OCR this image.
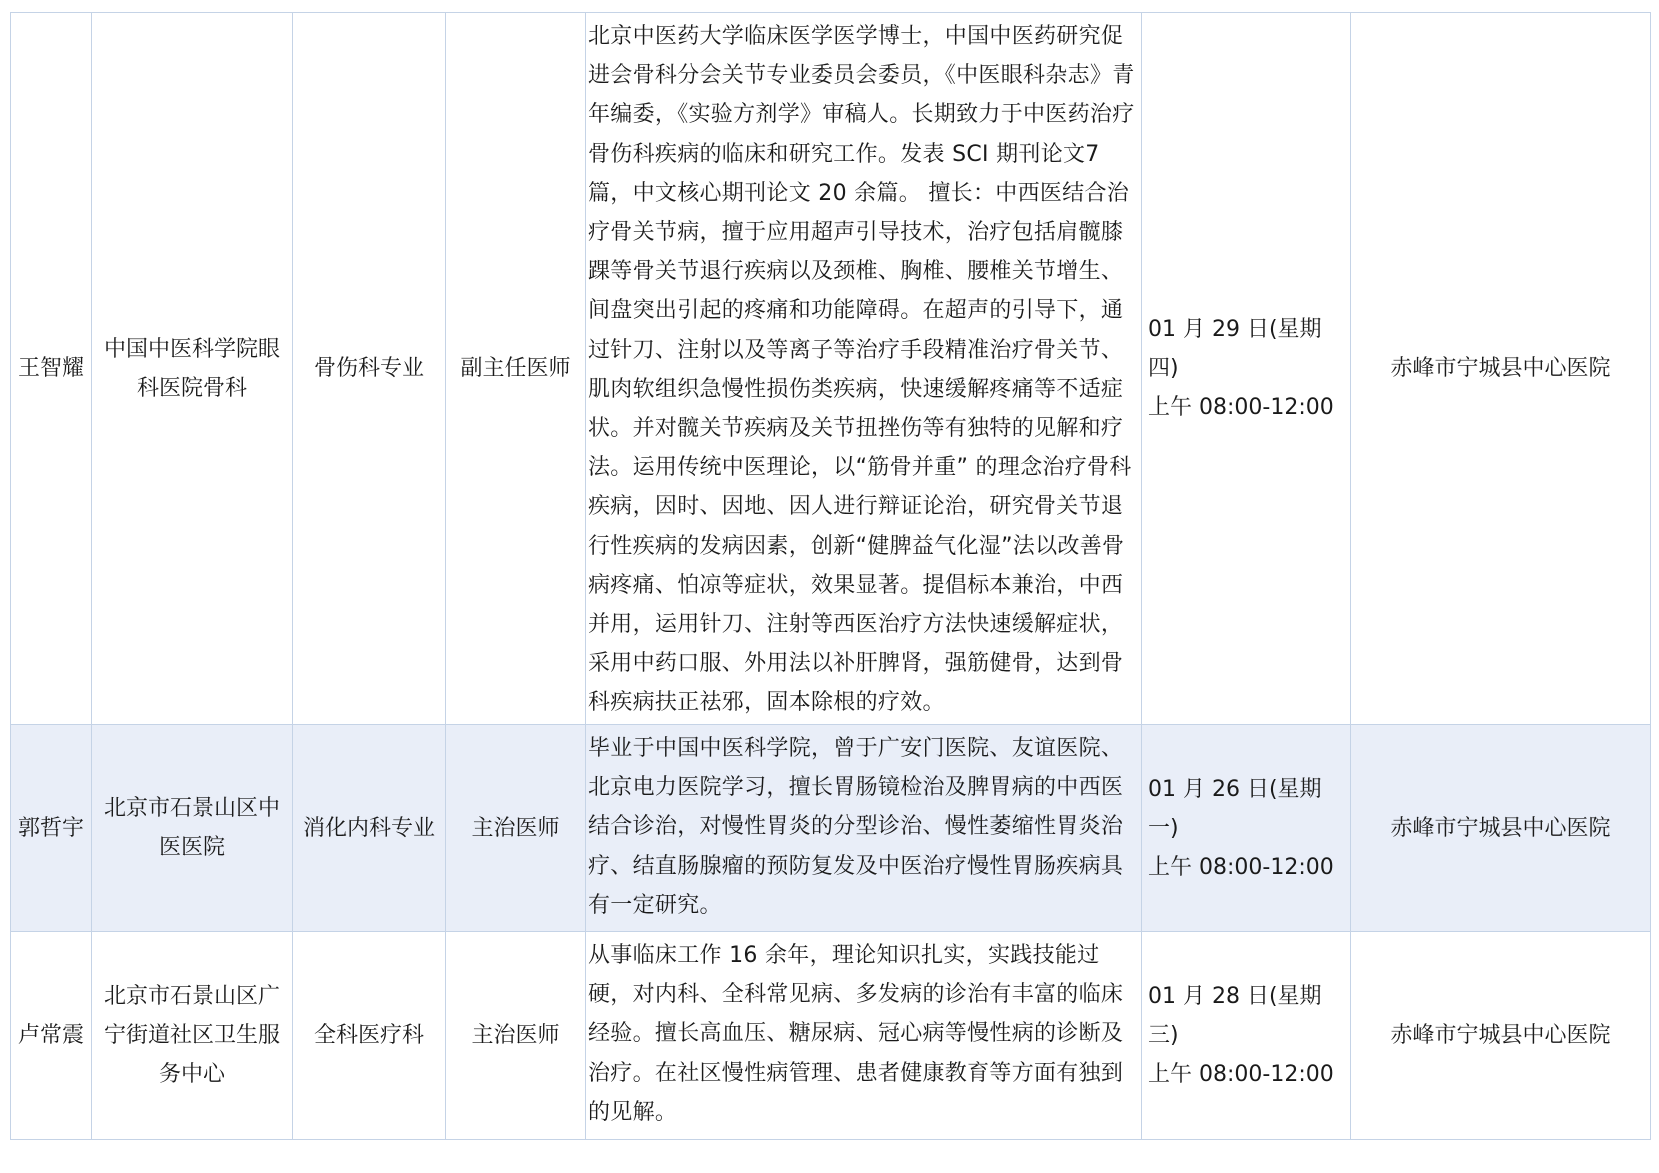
王智耀	中国中医科学院眼科医院骨科	骨伤科专业	副主任医师	北京中医药大学临床医学医学博士，中国中医药研究促进会骨科分会关节专业委员会委员，《中医眼科杂志》青年编委，《实验方剂学》审稿人。长期致力于中医药治疗骨伤科疾病的临床和研究工作。发表 SCI 期刊论文7 篇，中文核心期刊论文 20 余篇。 擅长：中西医结合治疗骨关节病，擅于应用超声引导技术，治疗包括肩髋膝踝等骨关节退行疾病以及颈椎、胸椎、腰椎关节增生、间盘突出引起的疼痛和功能障碍。在超声的引导下，通过针刀、注射以及等离子等治疗手段精准治疗骨关节、肌肉软组织急慢性损伤类疾病，快速缓解疼痛等不适症状。并对髋关节疾病及关节扭挫伤等有独特的见解和疗法。运用传统中医理论，以“筋骨并重” 的理念治疗骨科疾病，因时、因地、因人进行辩证论治，研究骨关节退行性疾病的发病因素，创新“健脾益气化湿”法以改善骨病疼痛、怕凉等症状，效果显著。提倡标本兼治，中西并用，运用针刀、注射等西医治疗方法快速缓解症状，采用中药口服、外用法以补肝脾肾，强筋健骨，达到骨科疾病扶正祛邪，固本除根的疗效。	01 月 29 日(星期四)
上午 08:00-12:00	赤峰市宁城县中心医院
郭哲宇	北京市石景山区中医医院	消化内科专业	主治医师	毕业于中国中医科学院，曾于广安门医院、友谊医院、北京电力医院学习，擅长胃肠镜检治及脾胃病的中西医结合诊治，对慢性胃炎的分型诊治、慢性萎缩性胃炎治疗、结直肠腺瘤的预防复发及中医治疗慢性胃肠疾病具有一定研究。	01 月 26 日(星期一)
上午 08:00-12:00	赤峰市宁城县中心医院
卢常震	北京市石景山区广宁街道社区卫生服务中心	全科医疗科	主治医师	从事临床工作 16 余年，理论知识扎实，实践技能过硬，对内科、全科常见病、多发病的诊治有丰富的临床经验。擅长高血压、糖尿病、冠心病等慢性病的诊断及治疗。在社区慢性病管理、患者健康教育等方面有独到的见解。	01 月 28 日(星期三)
上午 08:00-12:00	赤峰市宁城县中心医院
